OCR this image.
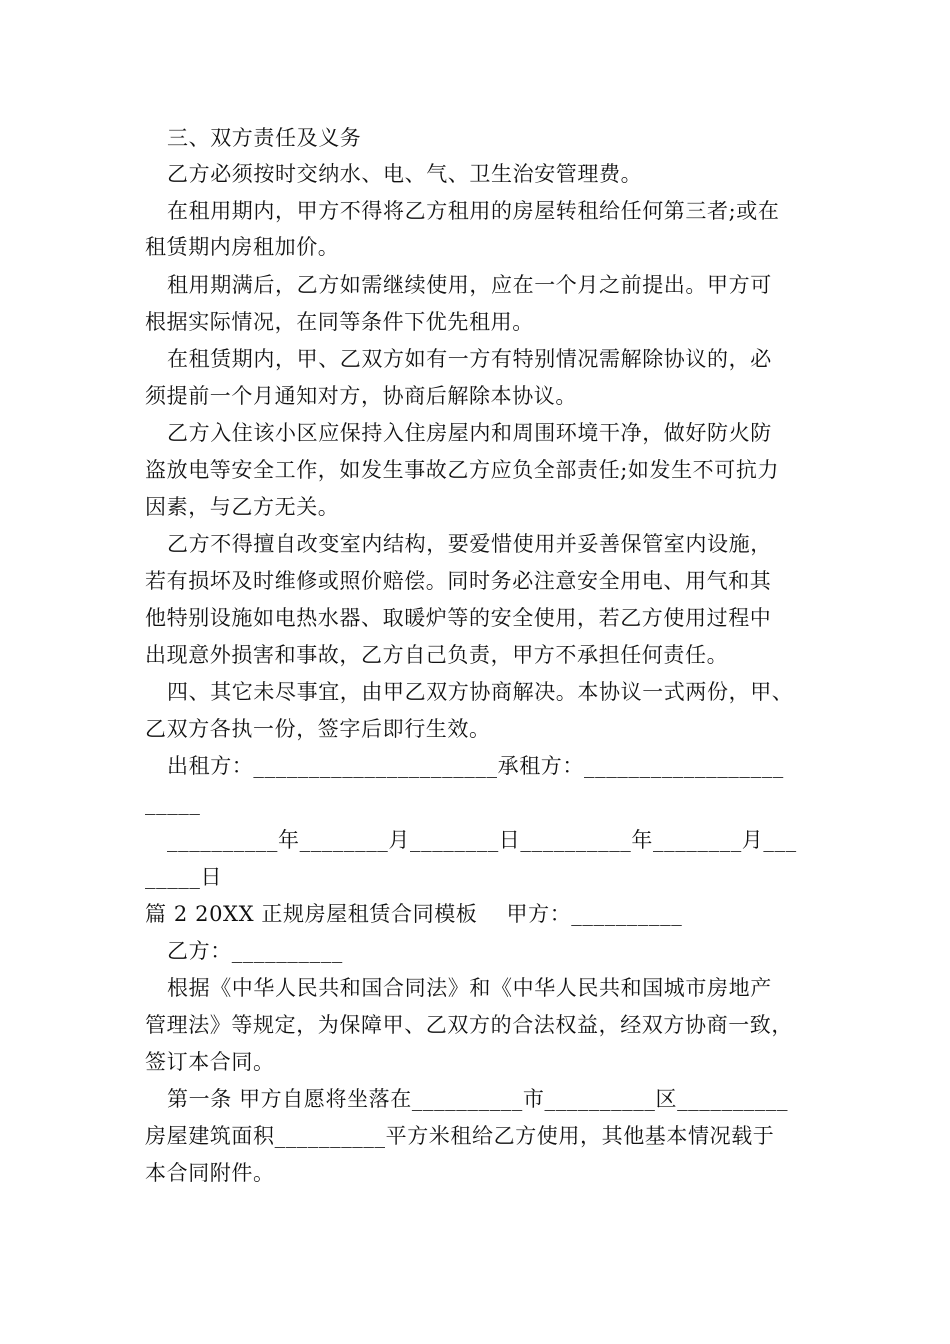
三、双方责任及义务
乙方必须按时交纳水、电、气、卫生治安管理费。
在租用期内，甲方不得将乙方租用的房屋转租给任何第三者;或在
租赁期内房租加价。
租用期满后，乙方如需继续使用，应在一个月之前提出。甲方可
根据实际情况，在同等条件下优先租用。
在租赁期内，甲、乙双方如有一方有特别情况需解除协议的，必
须提前一个月通知对方，协商后解除本协议。
乙方入住该小区应保持入住房屋内和周围环境干净，做好防火防
盗放电等安全工作，如发生事故乙方应负全部责任;如发生不可抗力
因素，与乙方无关。
乙方不得擅自改变室内结构，要爱惜使用并妥善保管室内设施，
若有损坏及时维修或照价赔偿。同时务必注意安全用电、用气和其
他特别设施如电热水器、取暖炉等的安全使用，若乙方使用过程中
出现意外损害和事故，乙方自己负责，甲方不承担任何责任。
四、其它未尽事宜，由甲乙双方协商解决。本协议一式两份，甲、
乙双方各执一份，签字后即行生效。
出租方：______________________承租方：__________________
_____
__________年________月________日__________年________月___
_____日
篇 2 20XX 正规房屋租赁合同模板    甲方：__________
乙方：__________
根据《中华人民共和国合同法》和《中华人民共和国城市房地产
管理法》等规定，为保障甲、乙双方的合法权益，经双方协商一致，
签订本合同。
第一条 甲方自愿将坐落在__________市__________区__________
房屋建筑面积__________平方米租给乙方使用，其他基本情况载于
本合同附件。
